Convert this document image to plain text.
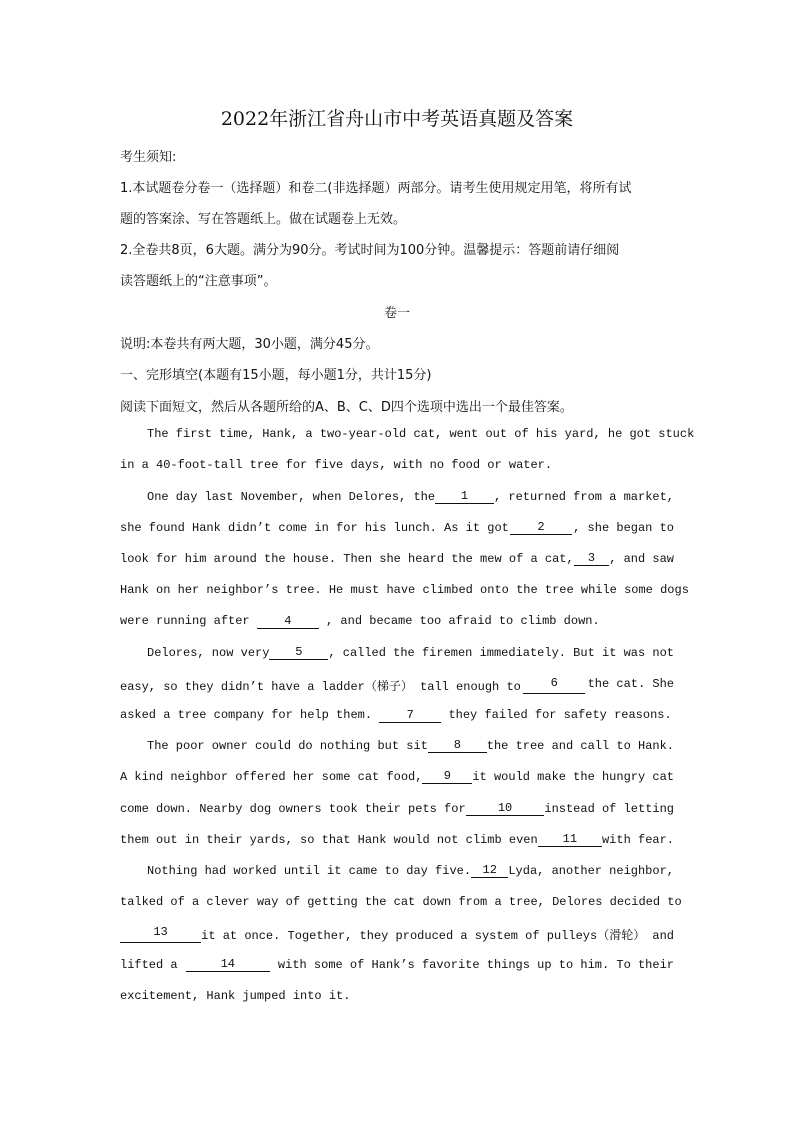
2022年浙江省舟山市中考英语真题及答案
考生须知:
1.本试题卷分卷一（选择题）和卷二(非选择题）两部分。请考生使用规定用笔，将所有试
题的答案涂、写在答题纸上。做在试题卷上无效。
2.全卷共8页，6大题。满分为90分。考试时间为100分钟。温馨提示：答题前请仔细阅
读答题纸上的“注意事项”。
卷一
说明:本卷共有两大题，30小题，满分45分。
一、完形填空(本题有15小题，每小题1分，共计15分)
阅读下面短文，然后从各题所给的A、B、C、D四个选项中选出一个最佳答案。
The first time, Hank, a two-year-old cat, went out of his yard, he got stuck
in a 40-foot-tall tree for five days, with no food or water.
One day last November, when Delores, the	1	, returned from a market,
she found Hank didn’t come in for his lunch. As it got	2	, she began to
look for him around the house. Then she heard the mew of a cat,	3	, and saw
Hank on her neighbor’s tree. He must have climbed onto the tree while some dogs
were running after	4	, and became too afraid to climb down.
Delores, now very	5	, called the firemen immediately. But it was not
easy, so they didn’t have a ladder（梯子） tall enough to	6	the cat. She
asked a tree company for help them.	7	they failed for safety reasons.
The poor owner could do nothing but sit	8	the tree and call to Hank.
A kind neighbor offered her some cat food,	9	it would make the hungry cat
come down. Nearby dog owners took their pets for	10	instead of letting
them out in their yards, so that Hank would not climb even	11	with fear.
Nothing had worked until it came to day five. 12 Lyda, another neighbor,
talked of a clever way of getting the cat down from a tree, Delores decided to
13	it at once. Together, they produced a system of pulleys（滑轮） and
lifted a	14	with some of Hank’s favorite things up to him. To their
excitement, Hank jumped into it.
